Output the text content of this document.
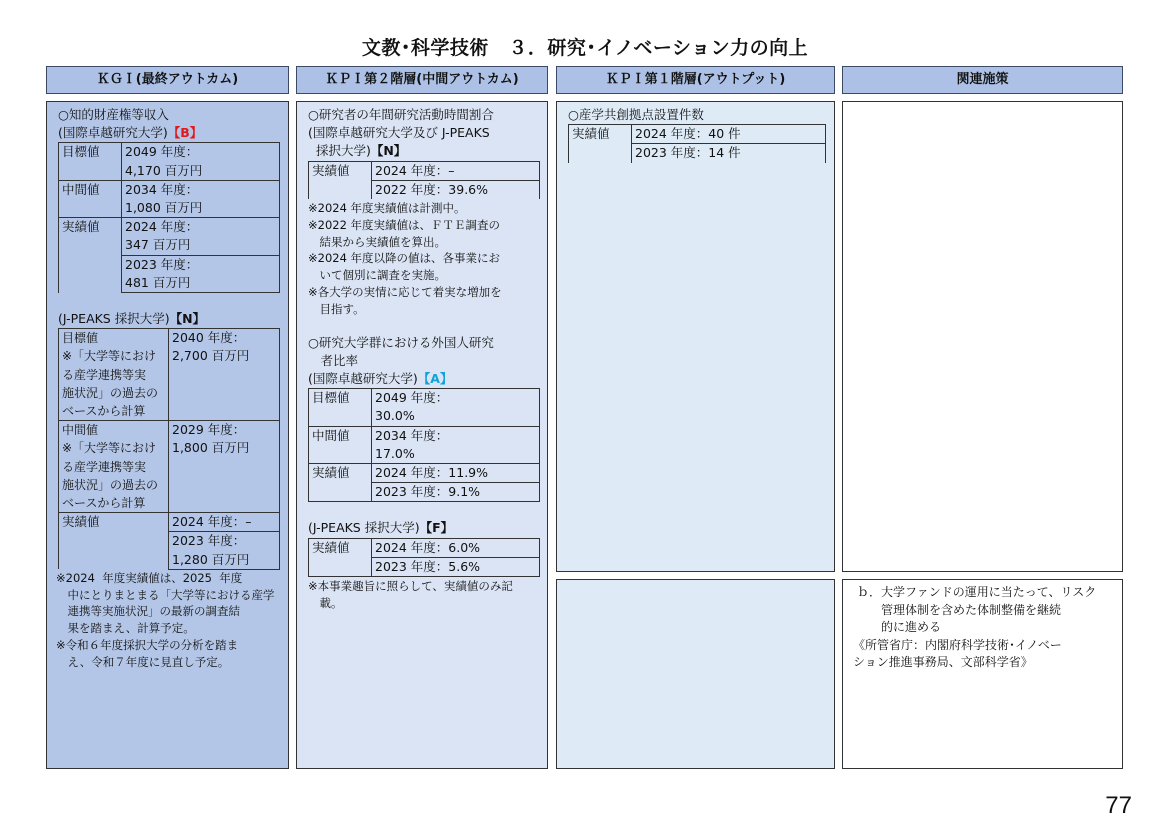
文教･科学技術　３．研究･イノベーション力の向上
ＫＧＩ(最終アウトカム)	ＫＰＩ第２階層(中間アウトカム)	ＫＰＩ第１階層(アウトプット)	関連施策
○知的財産権等収入
(国際卓越研究大学)【B】
目標値	2049 年度：
4,170 百万円
中間値	2034 年度：
1,080 百万円
実績値	2024 年度：
347 百万円
	2023 年度：
481 百万円
(J-PEAKS 採択大学)【N】
目標値
※「大学等におけ
る産学連携等実
施状況」の過去の
ベースから計算	2040 年度：
2,700 百万円
中間値
※「大学等におけ
る産学連携等実
施状況」の過去の
ベースから計算	2029 年度：
1,800 百万円
実績値	2024 年度：–
	2023 年度：
1,280 百万円
※2024  年度実績値は、2025  年度
　中にとりまとまる「大学等における産学
　連携等実施状況」の最新の調査結
　果を踏まえ、計算予定。
※令和６年度採択大学の分析を踏ま
　え、令和７年度に見直し予定。
○研究者の年間研究活動時間割合
(国際卓越研究大学及び J-PEAKS
採択大学)【N】
実績値	2024 年度：–
	2022 年度：39.6%
※2024 年度実績値は計測中。
※2022 年度実績値は、ＦＴＥ調査の
　結果から実績値を算出。
※2024 年度以降の値は、各事業にお
　いて個別に調査を実施。
※各大学の実情に応じて着実な増加を
　目指す。
○研究大学群における外国人研究
　者比率
(国際卓越研究大学)【A】
目標値	2049 年度：
30.0%
中間値	2034 年度：
17.0%
実績値	2024 年度：11.9%
	2023 年度：9.1%
(J-PEAKS 採択大学)【F】
実績値	2024 年度：6.0%
	2023 年度：5.6%
※本事業趣旨に照らして、実績値のみ記
　載。
○産学共創拠点設置件数
実績値	2024 年度：40 件
	2023 年度：14 件
ｂ．大学ファンドの運用に当たって、リスク
　　管理体制を含めた体制整備を継続
　　的に進める
《所管省庁：内閣府科学技術･イノベー
ション推進事務局、文部科学省》
77
